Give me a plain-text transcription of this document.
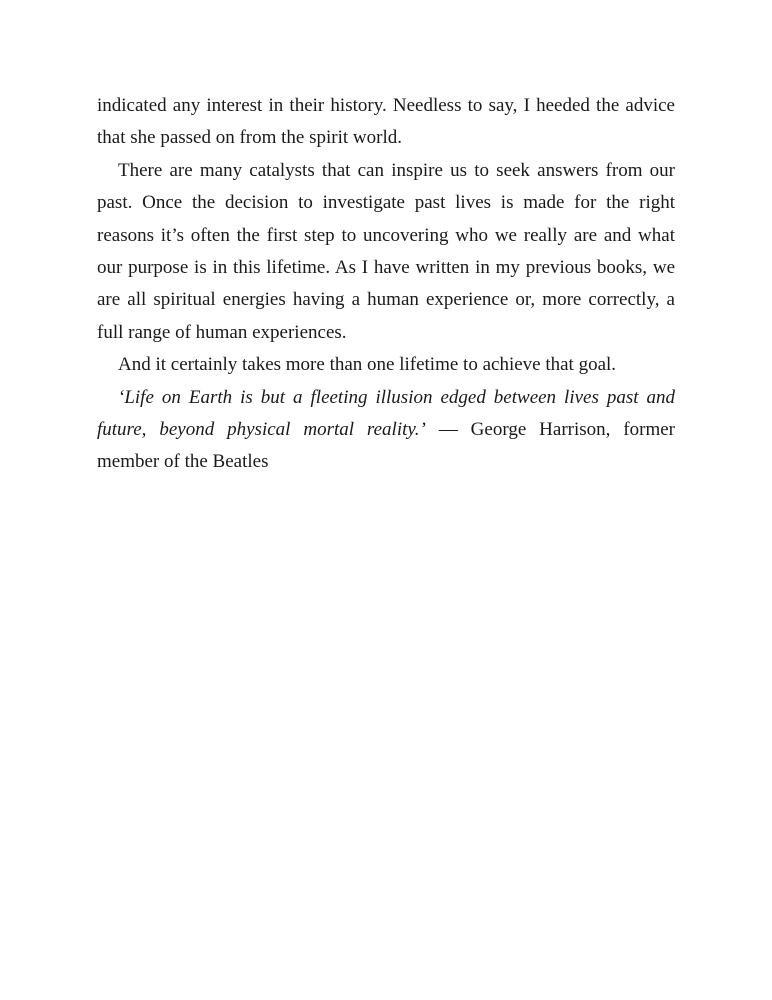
indicated any interest in their history. Needless to say, I heeded the advice that she passed on from the spirit world.

There are many catalysts that can inspire us to seek answers from our past. Once the decision to investigate past lives is made for the right reasons it’s often the first step to uncovering who we really are and what our purpose is in this lifetime. As I have written in my previous books, we are all spiritual energies having a human experience or, more correctly, a full range of human experiences.

And it certainly takes more than one lifetime to achieve that goal.

‘Life on Earth is but a fleeting illusion edged between lives past and future, beyond physical mortal reality.’ — George Harrison, former member of the Beatles
